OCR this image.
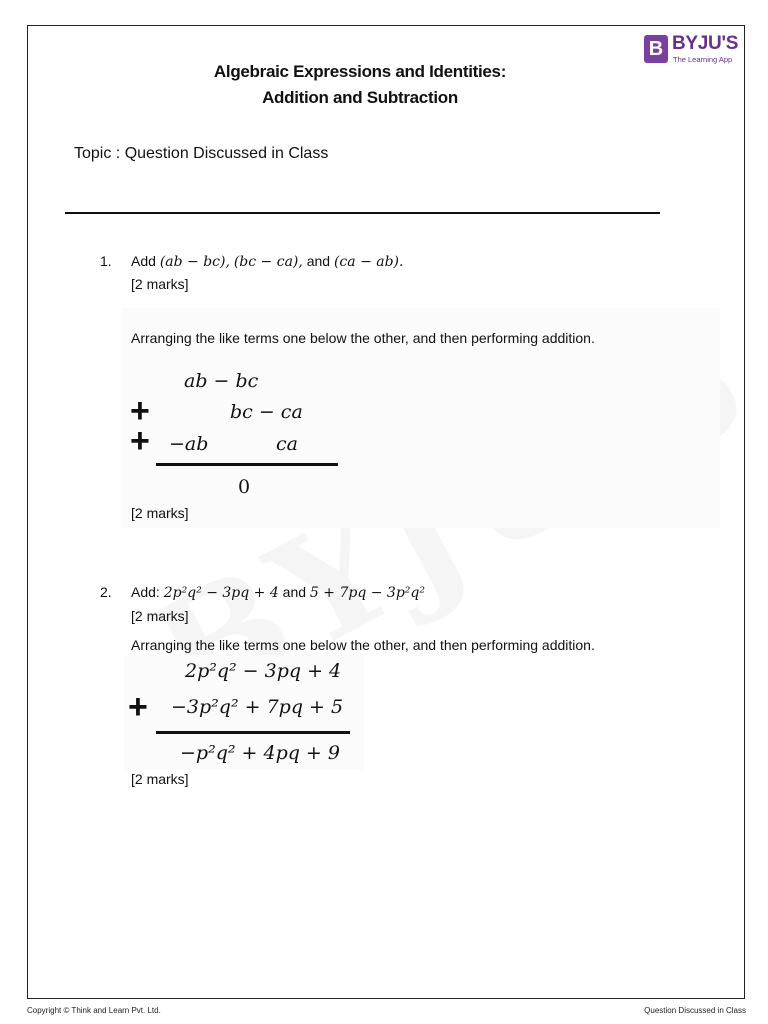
B BYJU'S
The Learning App
Algebraic Expressions and Identities:
Addition and Subtraction
Topic : Question Discussed in Class
1. Add (ab − bc), (bc − ca), and (ca − ab).
[2 marks]
Arranging the like terms one below the other, and then performing addition.
ab − bc
+	bc − ca
+ −ab	ca
0
[2 marks]
2. Add: 2p²q² − 3pq + 4 and 5 + 7pq − 3p²q²
[2 marks]
Arranging the like terms one below the other, and then performing addition.
2p²q² − 3pq + 4
+ −3p²q² + 7pq + 5
−p²q² + 4pq + 9
[2 marks]
Copyright © Think and Learn Pvt. Ltd.	Question Discussed in Class
